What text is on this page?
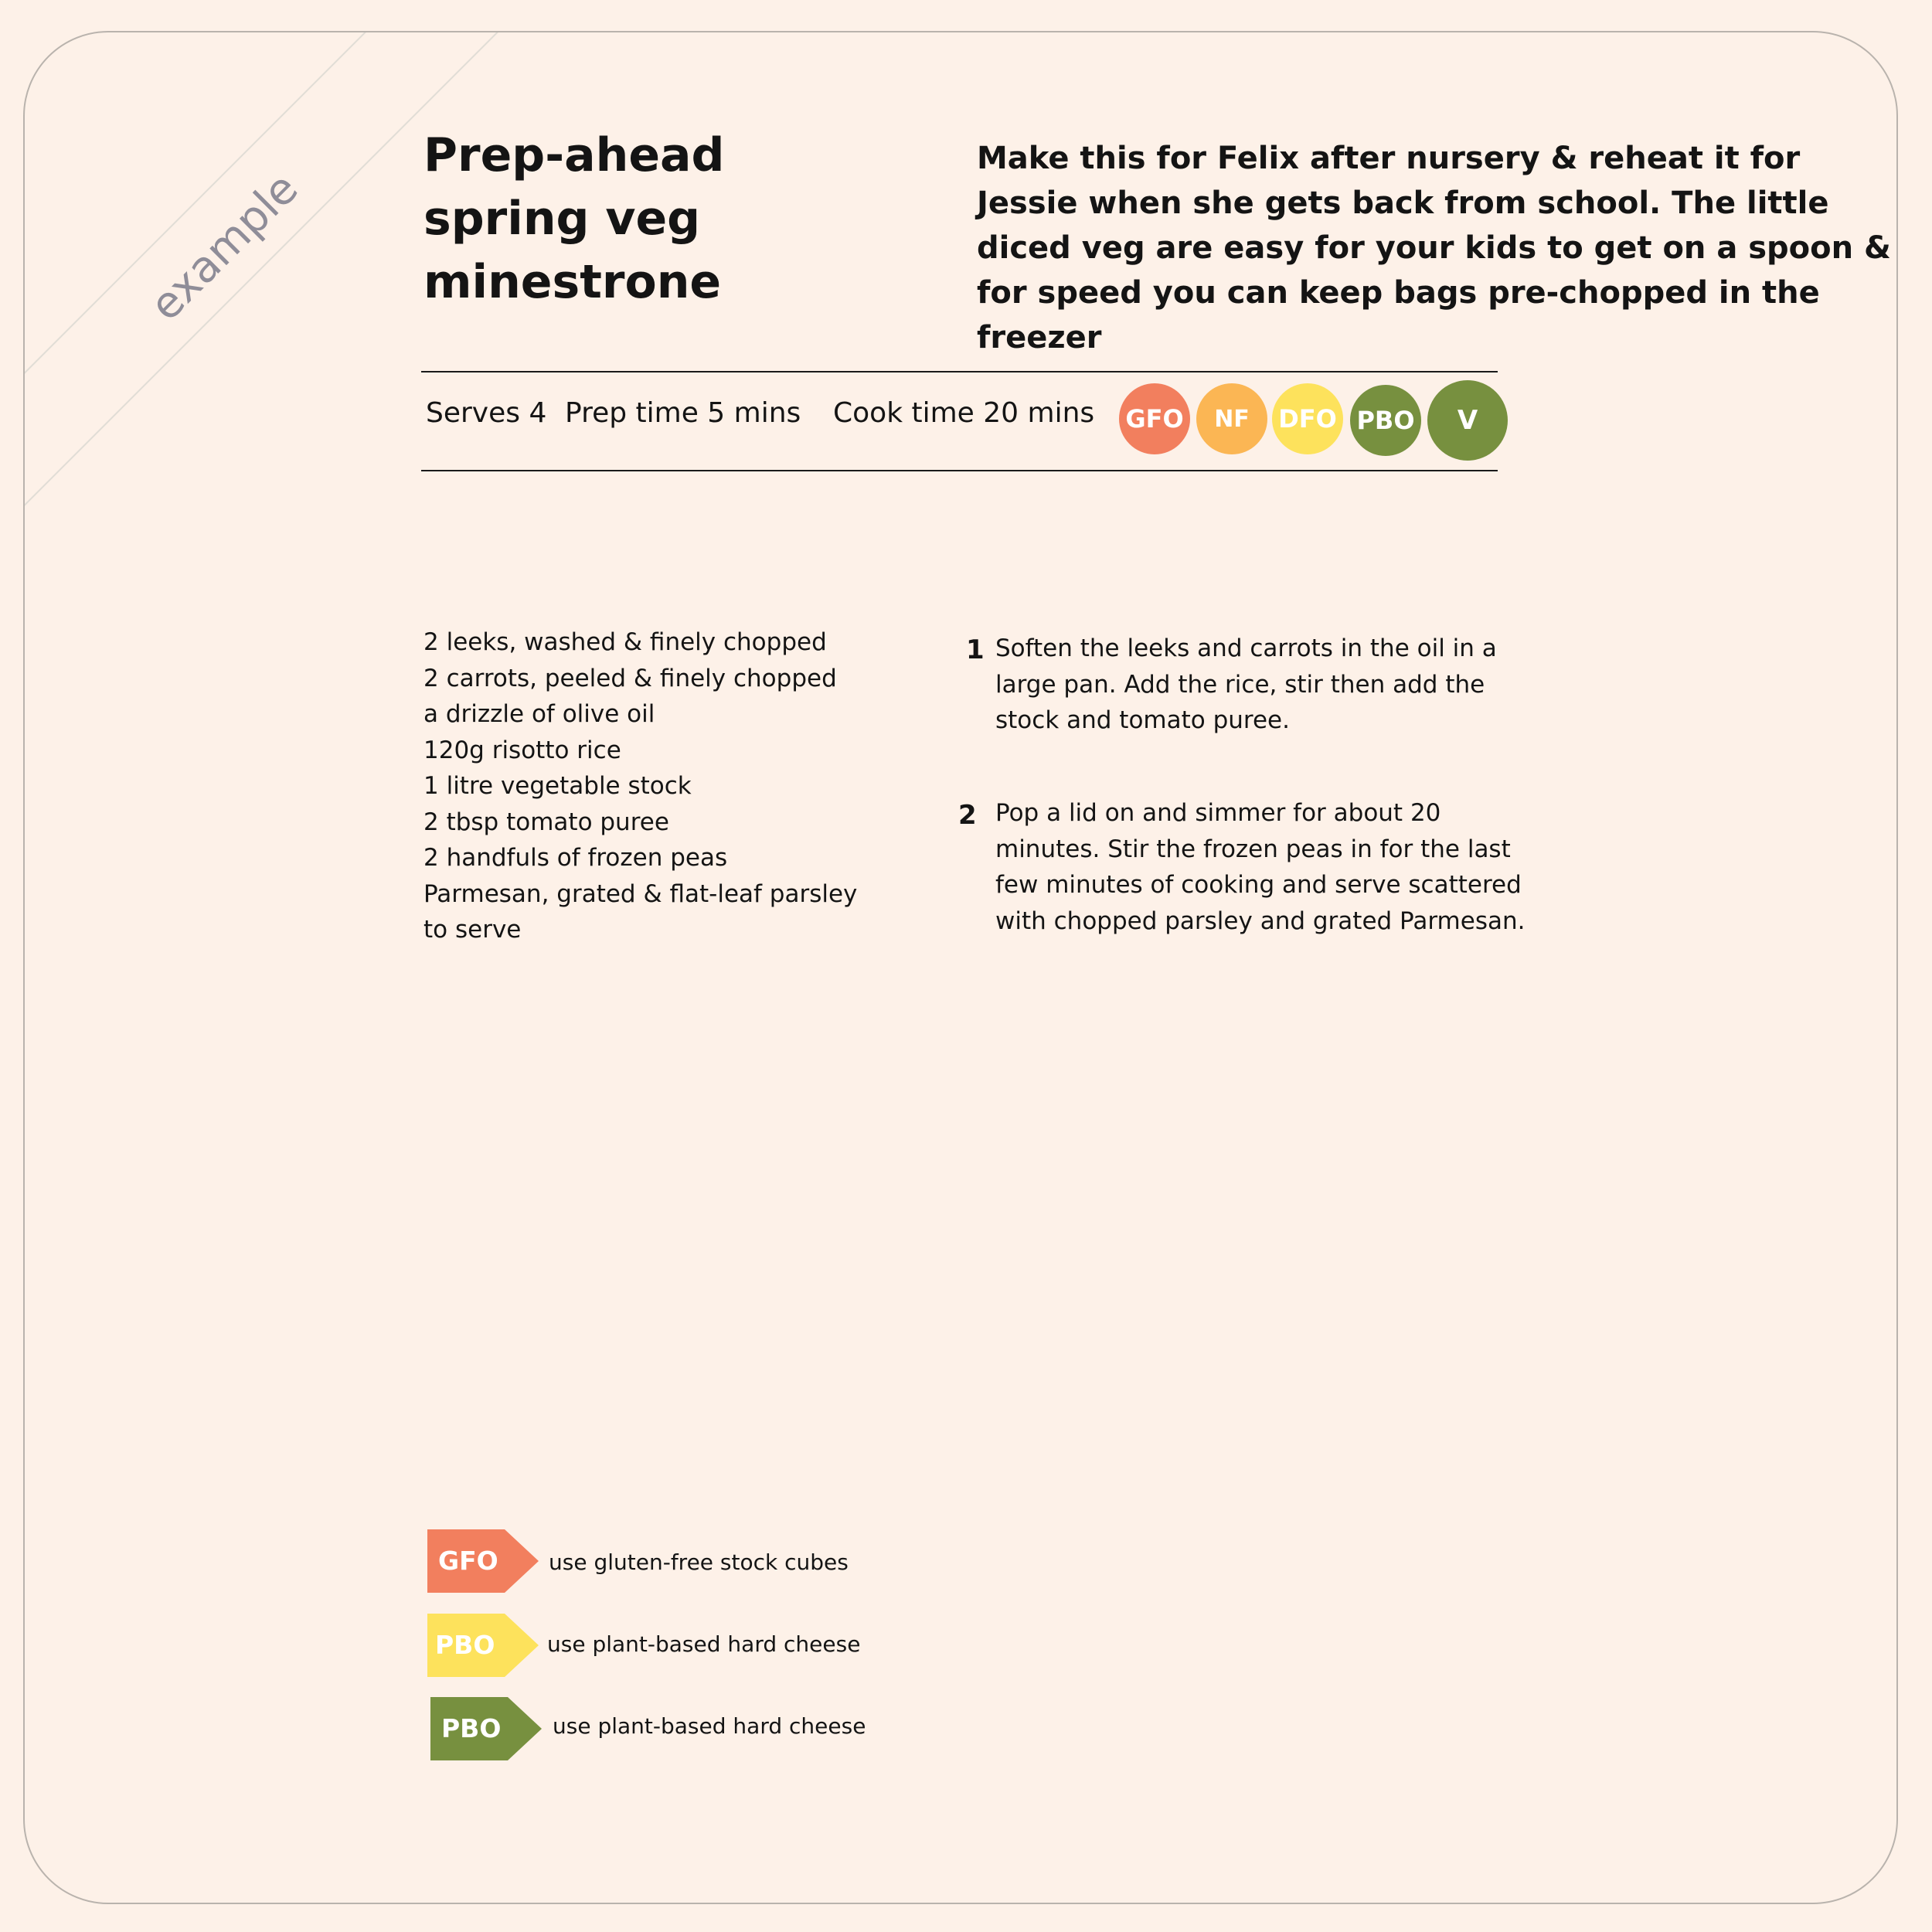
example
Prep-ahead spring veg minestrone

Make this for Felix after nursery & reheat it for Jessie when she gets back from school. The little diced veg are easy for your kids to get on a spoon & for speed you can keep bags pre-chopped in the freezer

Serves 4 Prep time 5 mins Cook time 20 mins GFO NF DFO PBO V
2 leeks, washed & finely chopped
2 carrots, peeled & finely chopped
a drizzle of olive oil
120g risotto rice
1 litre vegetable stock
2 tbsp tomato puree
2 handfuls of frozen peas
Parmesan, grated & flat-leaf parsley to serve
1 Soften the leeks and carrots in the oil in a large pan. Add the rice, stir then add the stock and tomato puree.

2 Pop a lid on and simmer for about 20 minutes. Stir the frozen peas in for the last few minutes of cooking and serve scattered with chopped parsley and grated Parmesan.

GFO use gluten-free stock cubes
PBO use plant-based hard cheese
PBO use plant-based hard cheese
